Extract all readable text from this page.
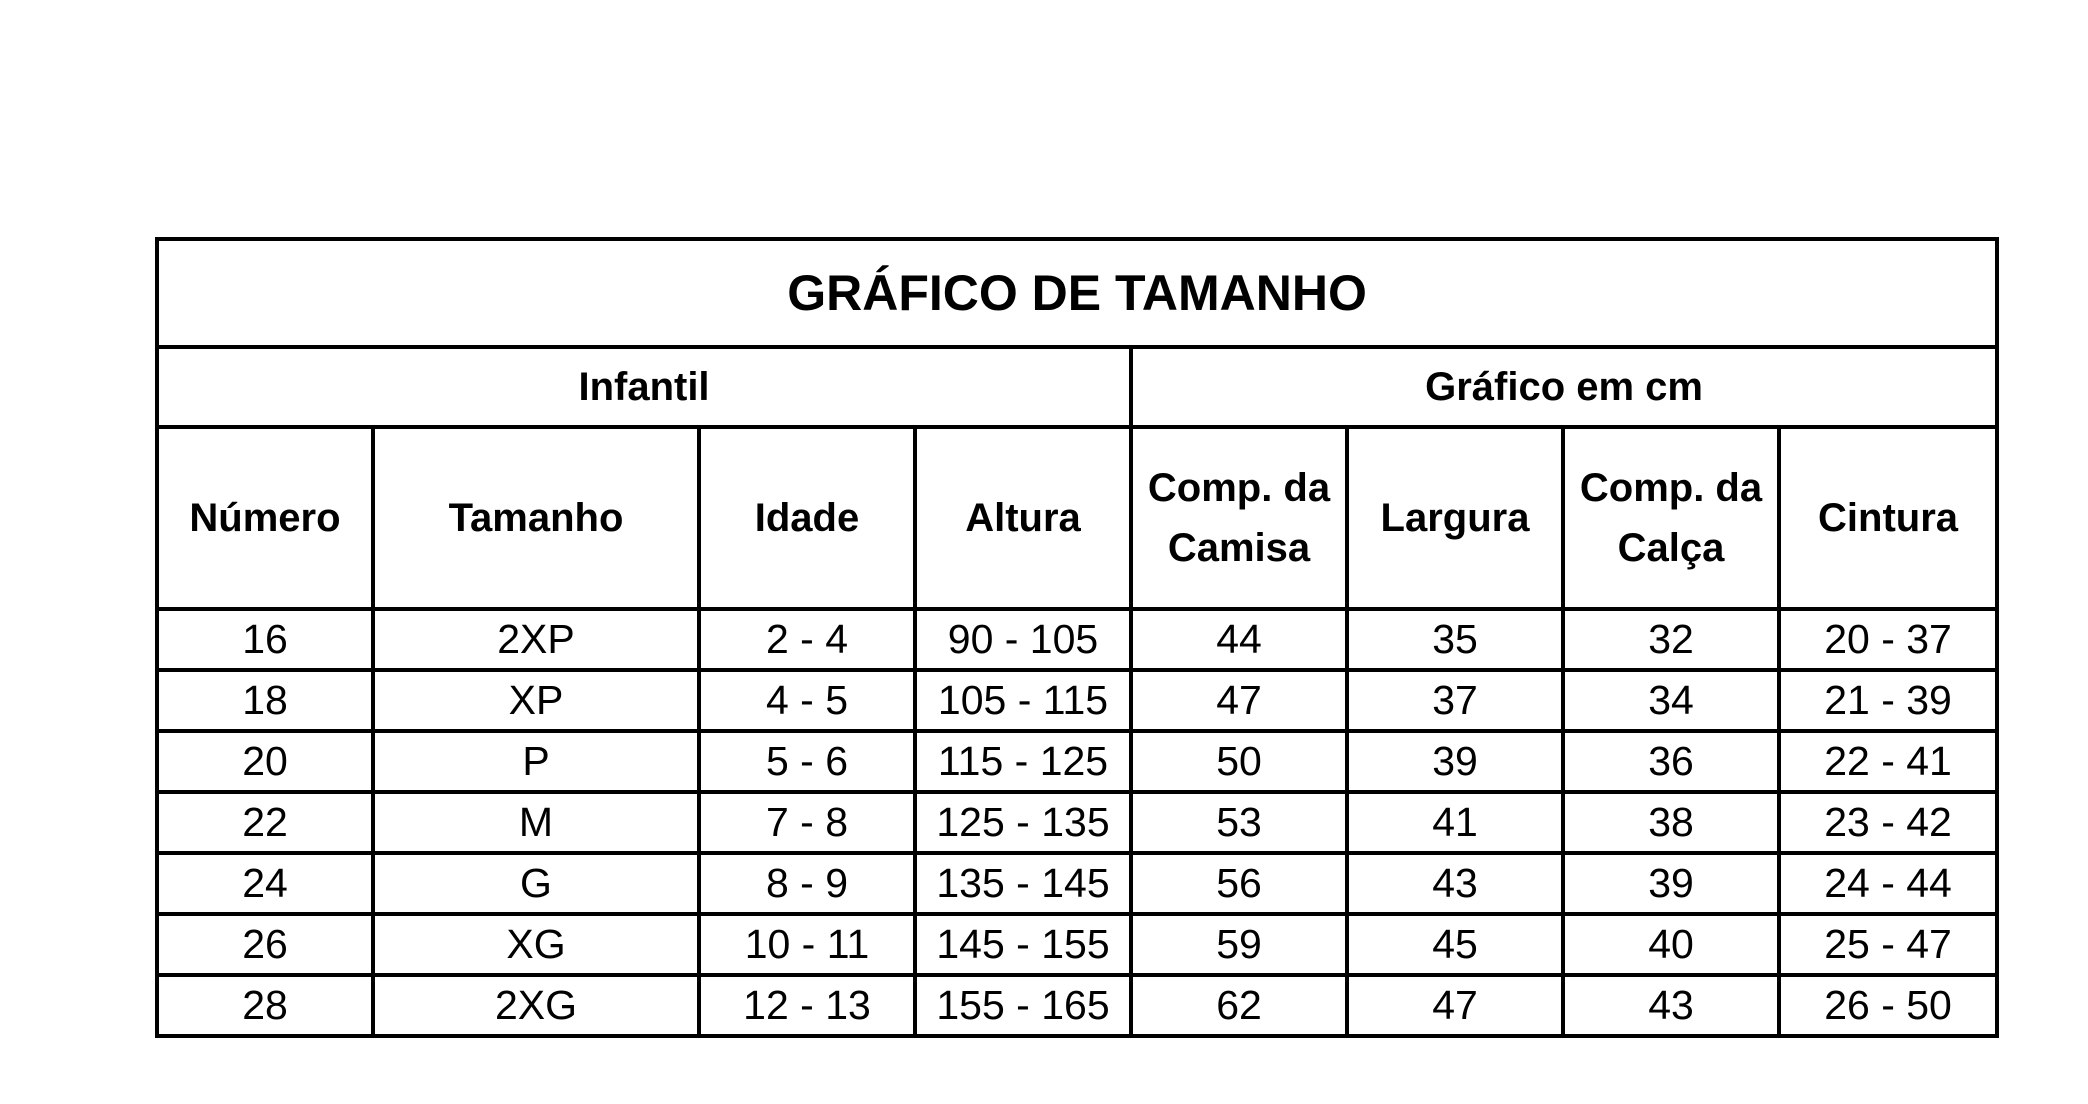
GRÁFICO DE TAMANHO							
Infantil				Gráfico em cm			
Número	Tamanho	Idade	Altura	Comp. da Camisa	Largura	Comp. da Calça	Cintura
16	2XP	2 - 4	90 - 105	44	35	32	20 - 37
18	XP	4 - 5	105 - 115	47	37	34	21 - 39
20	P	5 - 6	115 - 125	50	39	36	22 - 41
22	M	7 - 8	125 - 135	53	41	38	23 - 42
24	G	8 - 9	135 - 145	56	43	39	24 - 44
26	XG	10 - 11	145 - 155	59	45	40	25 - 47
28	2XG	12 - 13	155 - 165	62	47	43	26 - 50
